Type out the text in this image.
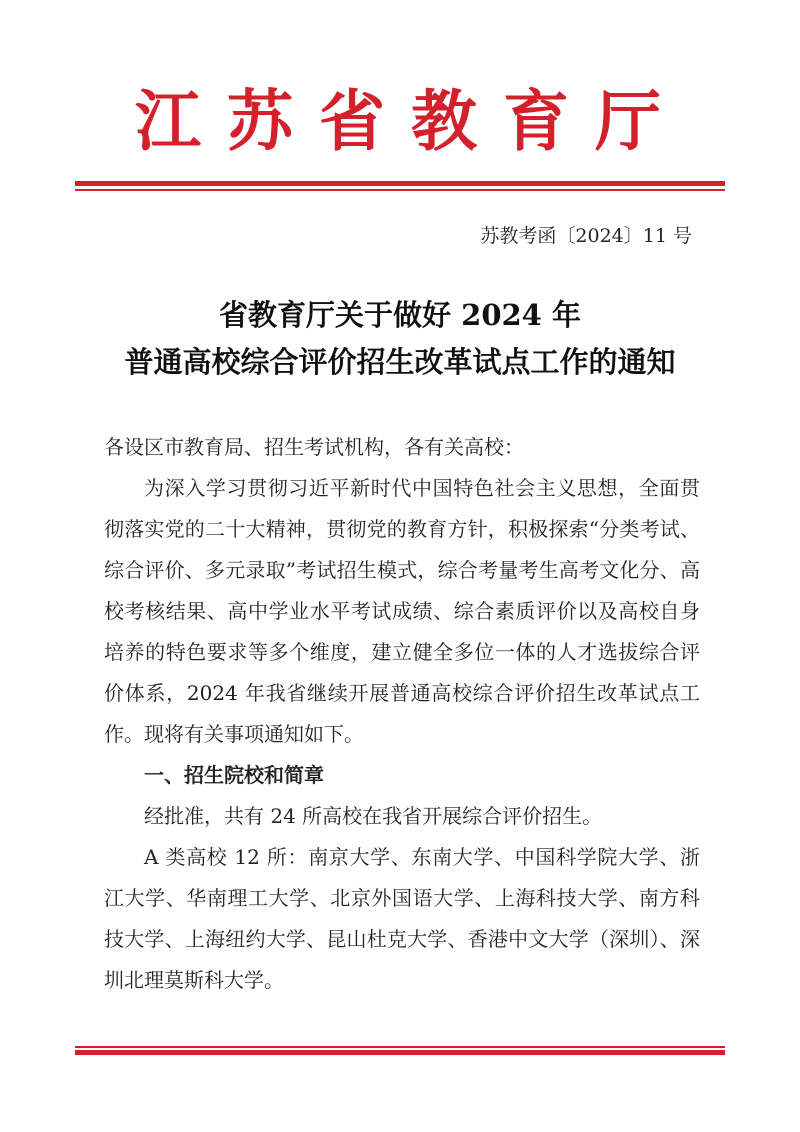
江苏省教育厅
苏教考函〔2024〕11 号
省教育厅关于做好 2024 年
普通高校综合评价招生改革试点工作的通知

各设区市教育局、招生考试机构，各有关高校：

为深入学习贯彻习近平新时代中国特色社会主义思想，全面贯彻落实党的二十大精神，贯彻党的教育方针，积极探索“分类考试、综合评价、多元录取”考试招生模式，综合考量考生高考文化分、高校考核结果、高中学业水平考试成绩、综合素质评价以及高校自身培养的特色要求等多个维度，建立健全多位一体的人才选拔综合评价体系，2024 年我省继续开展普通高校综合评价招生改革试点工作。现将有关事项通知如下。

一、招生院校和简章

经批准，共有 24 所高校在我省开展综合评价招生。

A 类高校 12 所：南京大学、东南大学、中国科学院大学、浙江大学、华南理工大学、北京外国语大学、上海科技大学、南方科技大学、上海纽约大学、昆山杜克大学、香港中文大学（深圳）、深圳北理莫斯科大学。
